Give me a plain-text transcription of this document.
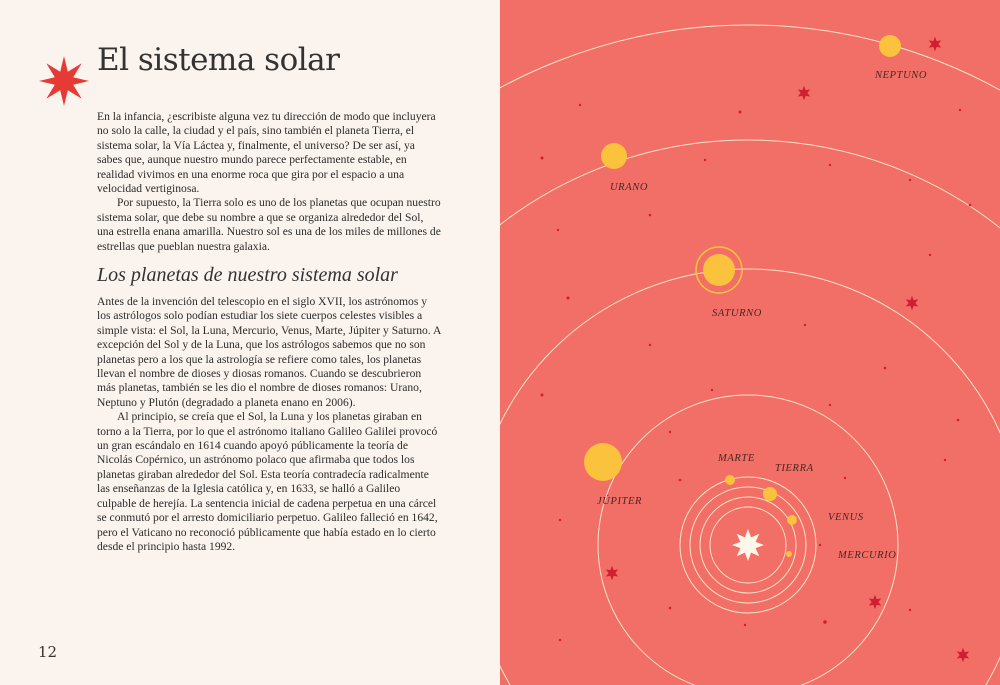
El sistema solar

En la infancia, ¿escribiste alguna vez tu dirección de modo que incluyera no solo la calle, la ciudad y el país, sino también el planeta Tierra, el sistema solar, la Vía Láctea y, finalmente, el universo? De ser así, ya sabes que, aunque nuestro mundo parece perfectamente estable, en realidad vivimos en una enorme roca que gira por el espacio a una velocidad vertiginosa.

Por supuesto, la Tierra solo es uno de los planetas que ocupan nuestro sistema solar, que debe su nombre a que se organiza alrededor del Sol, una estrella enana amarilla. Nuestro sol es una de los miles de millones de estrellas que pueblan nuestra galaxia.

Los planetas de nuestro sistema solar

Antes de la invención del telescopio en el siglo XVII, los astrónomos y los astrólogos solo podían estudiar los siete cuerpos celestes visibles a simple vista: el Sol, la Luna, Mercurio, Venus, Marte, Júpiter y Saturno. A excepción del Sol y de la Luna, que los astrólogos sabemos que no son planetas pero a los que la astrología se refiere como tales, los planetas llevan el nombre de dioses y diosas romanos. Cuando se descubrieron más planetas, también se les dio el nombre de dioses romanos: Urano, Neptuno y Plutón (degradado a planeta enano en 2006).

Al principio, se creía que el Sol, la Luna y los planetas giraban en torno a la Tierra, por lo que el astrónomo italiano Galileo Galilei provocó un gran escándalo en 1614 cuando apoyó públicamente la teoría de Nicolás Copérnico, un astrónomo polaco que afirmaba que todos los planetas giraban alrededor del Sol. Esta teoría contradecía radicalmente las enseñanzas de la Iglesia católica y, en 1633, se halló a Galileo culpable de herejía. La sentencia inicial de cadena perpetua en una cárcel se conmutó por el arresto domiciliario perpetuo. Galileo falleció en 1642, pero el Vaticano no reconoció públicamente que había estado en lo cierto desde el principio hasta 1992.

12
NEPTUNO
URANO
SATURNO
JÚPITER
MARTE
TIERRA
VENUS
MERCURIO
